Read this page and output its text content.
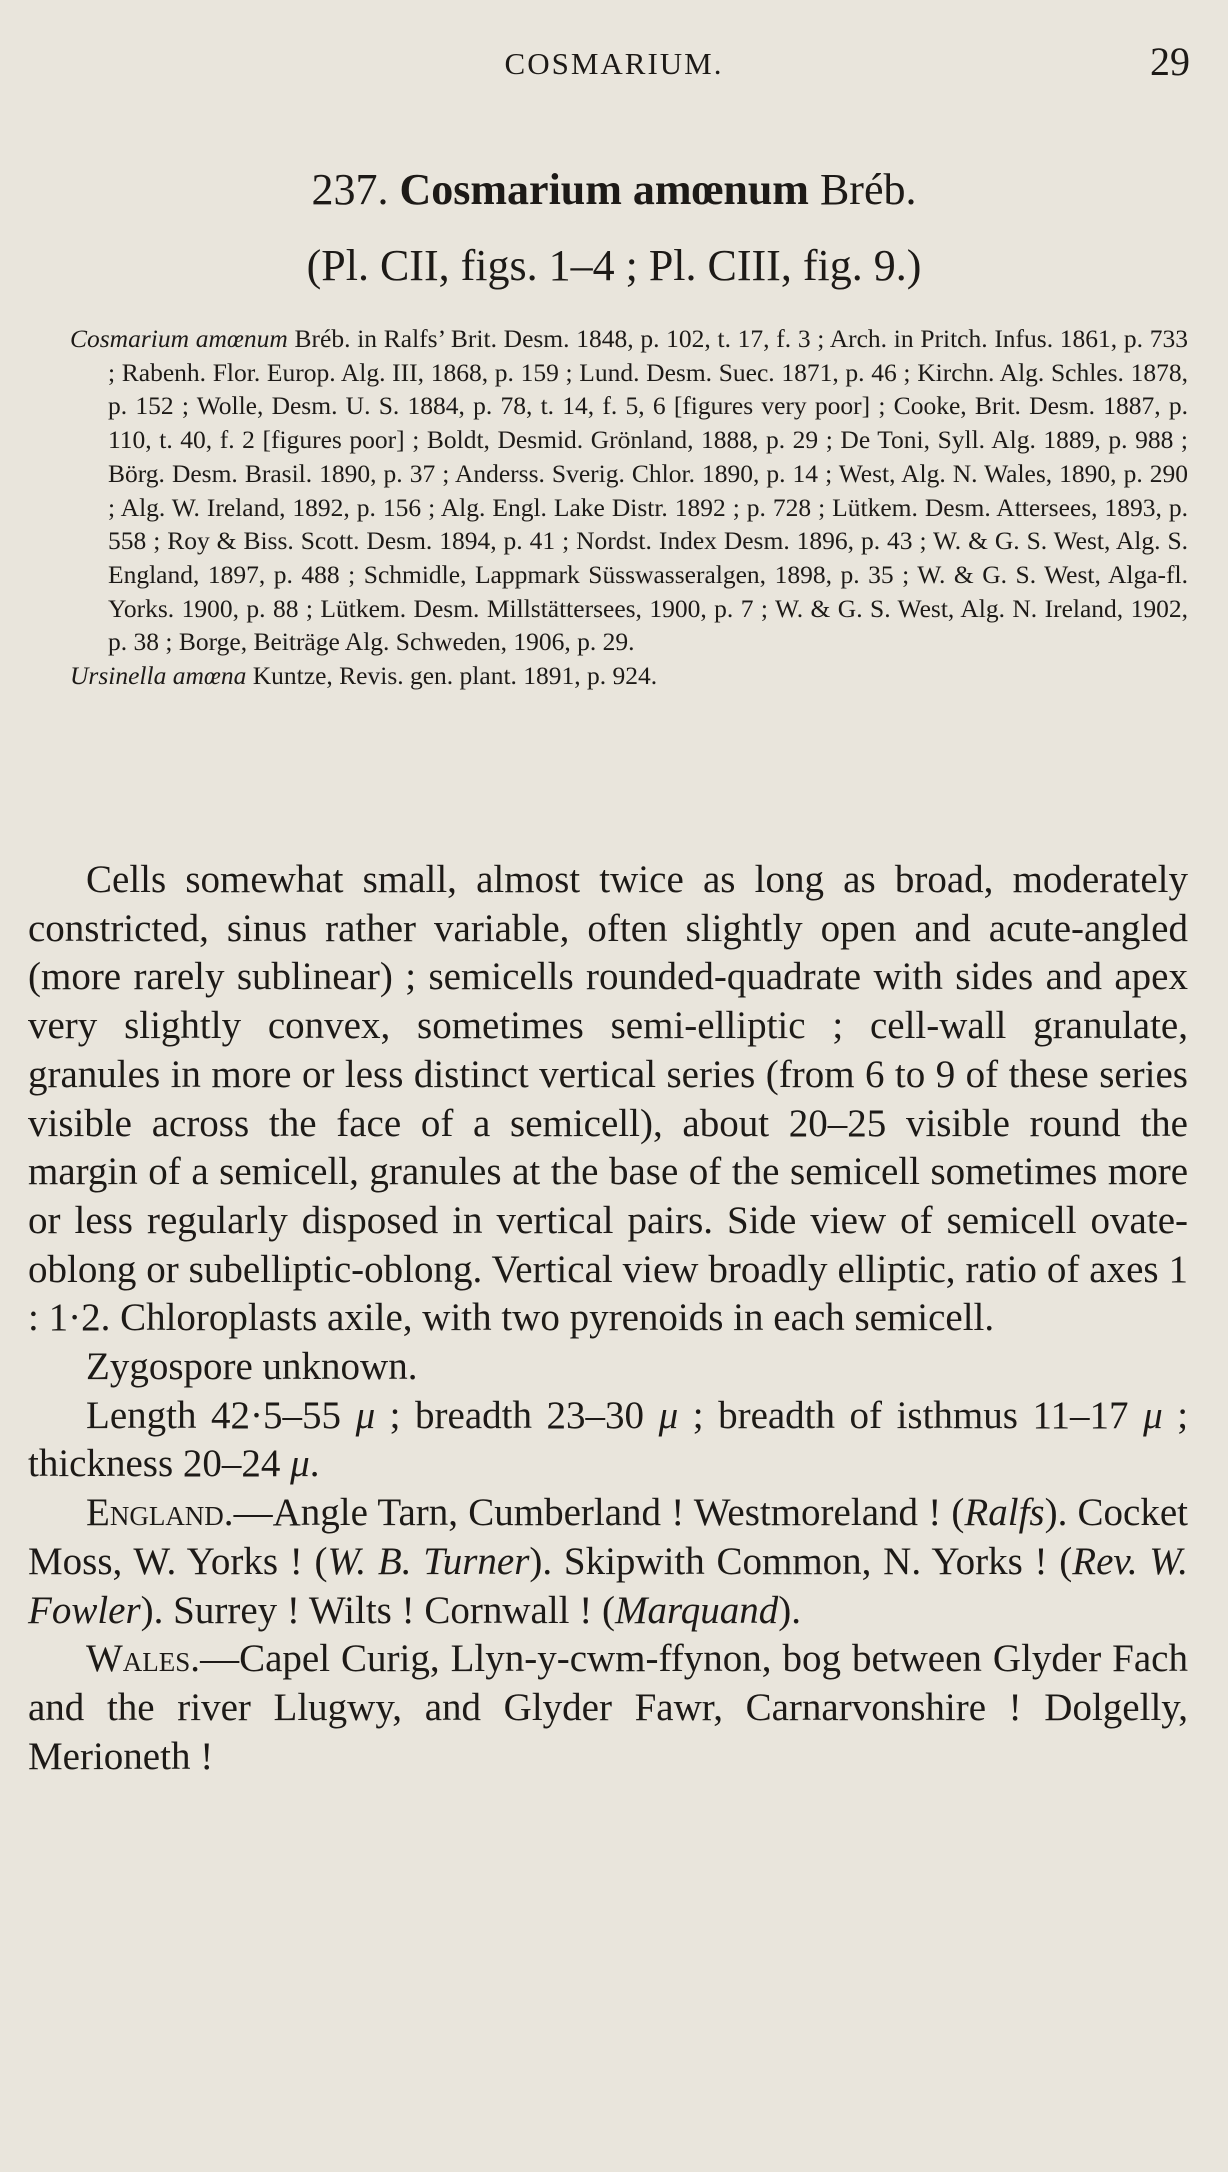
COSMARIUM.	29
237. Cosmarium amœnum Bréb.
(Pl. CII, figs. 1–4 ; Pl. CIII, fig. 9.)
Cosmarium amœnum Bréb. in Ralfs’ Brit. Desm. 1848, p. 102, t. 17, f. 3 ; Arch. in Pritch. Infus. 1861, p. 733 ; Rabenh. Flor. Europ. Alg. III, 1868, p. 159 ; Lund. Desm. Suec. 1871, p. 46 ; Kirchn. Alg. Schles. 1878, p. 152 ; Wolle, Desm. U. S. 1884, p. 78, t. 14, f. 5, 6 [figures very poor] ; Cooke, Brit. Desm. 1887, p. 110, t. 40, f. 2 [figures poor] ; Boldt, Desmid. Grönland, 1888, p. 29 ; De Toni, Syll. Alg. 1889, p. 988 ; Börg. Desm. Brasil. 1890, p. 37 ; Anderss. Sverig. Chlor. 1890, p. 14 ; West, Alg. N. Wales, 1890, p. 290 ; Alg. W. Ireland, 1892, p. 156 ; Alg. Engl. Lake Distr. 1892 ; p. 728 ; Lütkem. Desm. Attersees, 1893, p. 558 ; Roy & Biss. Scott. Desm. 1894, p. 41 ; Nordst. Index Desm. 1896, p. 43 ; W. & G. S. West, Alg. S. England, 1897, p. 488 ; Schmidle, Lappmark Süsswasseralgen, 1898, p. 35 ; W. & G. S. West, Alga-fl. Yorks. 1900, p. 88 ; Lütkem. Desm. Millstättersees, 1900, p. 7 ; W. & G. S. West, Alg. N. Ireland, 1902, p. 38 ; Borge, Beiträge Alg. Schweden, 1906, p. 29.
Ursinella amœna Kuntze, Revis. gen. plant. 1891, p. 924.

Cells somewhat small, almost twice as long as broad, moderately constricted, sinus rather variable, often slightly open and acute-angled (more rarely sublinear) ; semicells rounded-quadrate with sides and apex very slightly convex, sometimes semi-elliptic ; cell-wall granulate, granules in more or less distinct vertical series (from 6 to 9 of these series visible across the face of a semicell), about 20–25 visible round the margin of a semicell, granules at the base of the semicell sometimes more or less regularly disposed in vertical pairs. Side view of semicell ovate-oblong or subelliptic-oblong. Vertical view broadly elliptic, ratio of axes 1 : 1·2. Chloroplasts axile, with two pyrenoids in each semicell.

Zygospore unknown.

Length 42·5–55 μ ; breadth 23–30 μ ; breadth of isthmus 11–17 μ ; thickness 20–24 μ.

England.—Angle Tarn, Cumberland ! Westmoreland ! (Ralfs). Cocket Moss, W. Yorks ! (W. B. Turner). Skipwith Common, N. Yorks ! (Rev. W. Fowler). Surrey ! Wilts ! Cornwall ! (Marquand).

Wales.—Capel Curig, Llyn-y-cwm-ffynon, bog between Glyder Fach and the river Llugwy, and Glyder Fawr, Carnarvonshire ! Dolgelly, Merioneth !
